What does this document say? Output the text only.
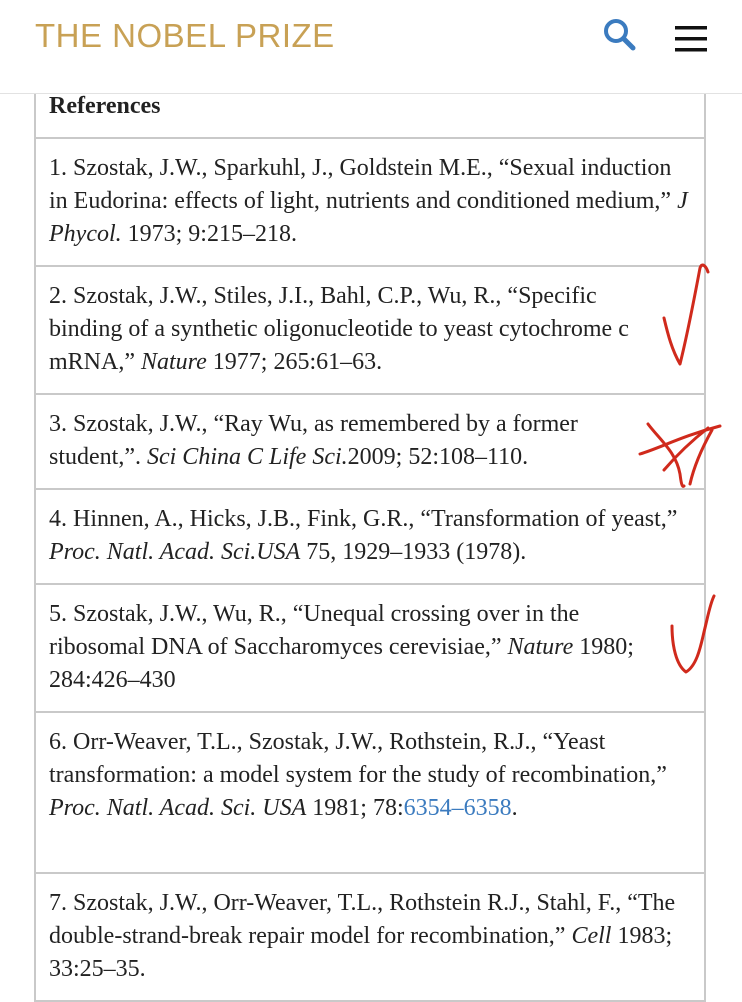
THE NOBEL PRIZE
References
1. Szostak, J.W., Sparkuhl, J., Goldstein M.E., “Sexual induction in Eudorina: effects of light, nutrients and conditioned medium,” J Phycol. 1973; 9:215–218.
2. Szostak, J.W., Stiles, J.I., Bahl, C.P., Wu, R., “Specific binding of a synthetic oligonucleotide to yeast cytochrome c mRNA,” Nature 1977; 265:61–63.
3. Szostak, J.W., “Ray Wu, as remembered by a former student,”. Sci China C Life Sci.2009; 52:108–110.
4. Hinnen, A., Hicks, J.B., Fink, G.R., “Transformation of yeast,” Proc. Natl. Acad. Sci.USA 75, 1929–1933 (1978).
5. Szostak, J.W., Wu, R., “Unequal crossing over in the ribosomal DNA of Saccharomyces cerevisiae,” Nature 1980; 284:426–430
6. Orr-Weaver, T.L., Szostak, J.W., Rothstein, R.J., “Yeast transformation: a model system for the study of recombination,” Proc. Natl. Acad. Sci. USA 1981; 78:6354–6358.
7. Szostak, J.W., Orr-Weaver, T.L., Rothstein R.J., Stahl, F., “The double-strand-break repair model for recombination,” Cell 1983; 33:25–35.
